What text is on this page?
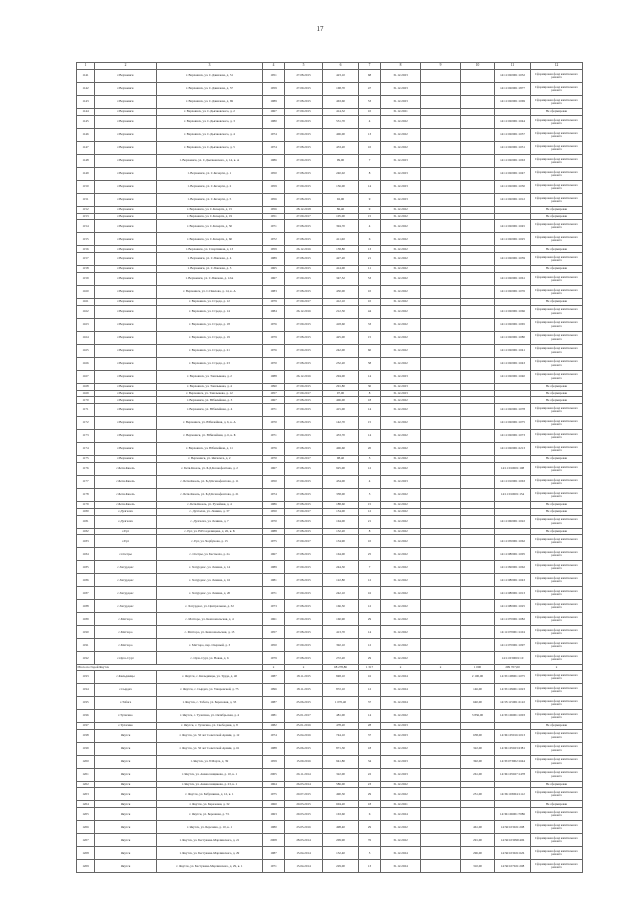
17
1	2	3	4	5	6	7	8	9	10	11	12
1141	г.Верхоянск	г. Верхоянск, ул. С.Данилова, д. 51	1951	27.08.2015	423,10	68	31.12.2023			14:11:020001:1032	Сформирован фонд капитального ремонта
1142	г.Верхоянск	г. Верхоянск, ул. С.Данилова, д. 57	1959	27.09.2015	168,70	47	31.12.2023			14:11:020001:1877	Сформирован фонд капитального ремонта
1143	г.Верхоянск	г. Верхоянск, ул. С.Данилова, д. 69	1989	27.08.2015	463,60	53	31.12.2023			14:11:020001:1069	Сформирован фонд капитального ремонта
1144	г.Верхоянск	г. Верхоянск, ул. С.Дьячковского, д. 2	1967	27.09.2015	414,32	10	31.12.2021				Не сформирован
1145	г.Верхоянск	г. Верхоянск, ул. С.Дьячковского, д. 3	1980	27.09.2015	531,70	4	31.12.2022			14:11:020001:1044	Сформирован фонд капитального ремонта
1146	г.Верхоянск	г. Верхоянск, ул. С.Дьячковского, д. 4	1974	27.09.2015	406,00	13	31.12.2022			14:11:020001:1057	Сформирован фонд капитального ремонта
1147	г.Верхоянск	г. Верхоянск, ул. С.Дьячковского, д. 5	1974	27.08.2015	433,20	10	31.12.2022			14:11:020001:1031	Сформирован фонд капитального ремонта
1148	г.Верхоянск	г. Верхоянск, ул. С.Дьячковского, д. 14, к. А	1986	27.09.2015	99,00	7	31.12.2023			14:11:020001:1063	Сформирован фонд капитального ремонта
1149	г.Верхоянск	г. Верхоянск, ул. С.Кочерги, д. 1	1950	27.08.2015	240,02	8	31.12.2023			14:11:020001:1047	Сформирован фонд капитального ремонта
1150	г.Верхоянск	г. Верхоянск, ул. С.Кочерги, д. 2	1959	27.09.2015	156,00	14	31.12.2023			14:11:020001:1050	Сформирован фонд капитального ремонта
1151	г.Верхоянск	г. Верхоянск, ул. С.Кочерги, д. 5	1956	27.08.2015	92,00	9	31.12.2023			14:11:020001:1012	Сформирован фонд капитального ремонта
1152	г.Верхоянск	г. Верхоянск, ул. С.Кочерги, д. 15	1956	28.12.2018	86,40	9	31.12.2022				Не сформирован
1153	г.Верхоянск	г. Верхоянск, ул. С.Кочерги, д. 19	1951	27.09.2017	105,00	15	31.12.2022				Не сформирован
1154	г.Верхоянск	г. Верхоянск, ул. С.Кочерги, д. 50	1971	27.08.2015	394,70	4	31.12.2022			14:11:020001:1045	Сформирован фонд капитального ремонта
1155	г.Верхоянск	г. Верхоянск, ул. С.Кочерги, д. 60	1972	27.08.2015	411,60	6	31.12.2022			14:11:020001:1025	Сформирован фонд капитального ремонта
1156	г.Верхоянск	г. Верхоянск, ул. Спортивная, д. 13	1959	26.12.2016	158,80	13	31.12.2022				Не сформирован
1157	г.Верхоянск	г. Верхоянск, ул. С.Павлова, д. 4	1989	27.08.2015	427,20	21	31.12.2022			14:11:020001:1059	Сформирован фонд капитального ремонта
1158	г.Верхоянск	г. Верхоянск, ул. С.Павлова, д. 5	1965	27.09.2015	414,00	11	31.12.2022				Не сформирован
1159	г.Верхоянск	г. Верхоянск, ул. С.Павлова, д. 12А	1967	27.09.2015	347,52	53	31.12.2022			14:11:020001:1061	Сформирован фонд капитального ремонта
1160	г.Верхоянск	г. Верхоянск, ул. С.Павлова, д. 14, к. А	1983	27.08.2015	430,00	10	31.12.2022			14:11:020001:1076	Сформирован фонд капитального ремонта
1161	г.Верхоянск	г. Верхоянск, ул. Строда, д. 12	1979	27.09.2017	412,10	10	31.12.2022				Не сформирован
1162	г.Верхоянск	г. Верхоянск, ул. Строда, д. 14	1984	26.12.2016	212,50	44	31.12.2022			14:11:020001:1066	Сформирован фонд капитального ремонта
1163	г.Верхоянск	г. Верхоянск, ул. Строда, д. 18	1976	27.09.2015	418,60	33	31.12.2022			14:11:020001:1065	Сформирован фонд капитального ремонта
1164	г.Верхоянск	г. Верхоянск, ул. Строда, д. 19	1979	27.08.2015	425,00	15	31.12.2022			14:11:020001:1080	Сформирован фонд капитального ремонта
1165	г.Верхоянск	г. Верхоянск, ул. Строда, д. 21	1976	27.09.2015	242,00	60	31.12.2022			14:11:020001:1041	Сформирован фонд капитального ремонта
1166	г.Верхоянск	г. Верхоянск, ул. Строда, д. 23	1970	27.08.2015	232,20	58	31.12.2022			14:11:020001:1043	Сформирован фонд капитального ремонта
1167	г.Верхоянск	г. Верхоянск, ул. Ташлыкова, д. 2	1988	26.12.2016	294,00	14	31.12.2023			14:11:020001:1040	Сформирован фонд капитального ремонта
1168	г.Верхоянск	г. Верхоянск, ул. Ташлыкова, д. 4	1990	27.09.2015	291,80	30	31.12.2023				Не сформирован
1169	г.Верхоянск	г. Верхоянск, ул. Ташлыкова, д. 12	1957	27.09.2017	97,00	8	31.12.2023				Не сформирован
1170	г.Верхоянск	г. Верхоянск, ул. Юбилейная, д. 3	1967	27.08.2015	406,00	18	31.12.2022				Не сформирован
1171	г.Верхоянск	г. Верхоянск, ул. Юбилейная, д. 4	1971	27.09.2015	415,00	14	31.12.2022			14:11:020001:1078	Сформирован фонд капитального ремонта
1172	г.Верхоянск	г. Верхоянск, ул. Юбилейная, д. 6, к. А	1970	27.08.2015	142,70	15	31.12.2022			14:11:020001:1075	Сформирован фонд капитального ремонта
1173	г.Верхоянск	г. Верхоянск, ул. Юбилейная, д. 6, к. Б	1971	27.09.2015	433,70	14	31.12.2022			14:11:020001:1073	Сформирован фонд капитального ремонта
1174	г.Верхоянск	г. Верхоянск, ул. Юбилейная, д. 11	1976	27.08.2015	406,60	20	31.12.2022			14:11:020001:2213	Сформирован фонд капитального ремонта
1175	г.Верхоянск	г. Верхоянск, ул. Янгильта, д. 2	1970	27.09.2017	98,40	5	31.12.2022				Не сформирован
1176	с.Бетя-Кюель	с. Бетя-Кюель, ул. Б.Д.Ксенофонтова, д. 2	1967	27.08.2015	925,00	12	31.12.2022			14:11:010001:108	Сформирован фонд капитального ремонта
1177	с.Бетя-Кюель	с. Бетя-Кюель, ул. Б.Д.Ксенофонтова, д. 11	1950	27.09.2015	434,00	4	31.12.2023			14:11:010001:1063	Сформирован фонд капитального ремонта
1178	с.Бетя-Кюель	с. Бетя-Кюель, ул. Б.Д.Ксенофонтова, д. 21	1974	27.08.2015	358,00	5	31.12.2022			14:11:010001:154	Сформирован фонд капитального ремонта
1179	с.Бетя-Кюель	с. Бетя-Кюель, ул. Ручейная, д. 4	1986	27.08.2015	188,60	15	31.12.2022				Не сформирован
1180	с.Дулгалах	с. Дулгалах, ул. Ленина, д. 37	1950	27.09.2017	154,00	12	31.12.2022				Не сформирован
1181	с.Дулгалах	с. Дулгалах, ул. Ленина, д. 7	1970	27.08.2015	164,00	21	31.12.2022			14:11:060001:1022	Сформирован фонд капитального ремонта
1182	с.Ерт	с. Ерт, ул. Н.Р.Седалищева, д. 26, к. Б	1988	27.08.2015	132,20	8	31.12.2022				Не сформирован
1183	с.Ерт	с. Ерт, ул. Чорбунова, д. 15	1975	27.09.2017	134,90	10	31.12.2022			14:11:050001:1062	Сформирован фонд капитального ремонта
1184	с.Осетры	с. Осетры, ул. Бестыаха, д. 2а	1967	27.08.2015	164,00	25	31.12.2022			14:11:080001:1005	Сформирован фонд капитального ремонта
1185	с.Хатурдаас	с. Хатурдаас, ул. Ленина, д. 14	1989	27.09.2015	244,30	7	31.12.2022			14:11:090001:1062	Сформирован фонд капитального ремонта
1186	с.Хатурдаас	с. Хатурдаас, ул. Ленина, д. 16	1981	27.08.2015	122,80	12	31.12.2022			14:11:080001:1043	Сформирован фонд капитального ремонта
1187	с.Хатурдаас	с. Хатурдаас, ул. Ленина, д. 20	1971	27.09.2015	242,10	16	31.12.2022			14:11:080001:1013	Сформирован фонд капитального ремонта
1188	с.Хатурдаас	с. Хатурдаас, ул. Центральная, д. 32	1973	27.08.2015	166,50	12	31.12.2022			14:11:080001:1025	Сформирован фонд капитального ремонта
1189	с.Матторо	с. Матторо, ул. Комсомольская, д. 4	1961	27.09.2015	160,90	29	31.12.2022			14:11:070001:1082	Сформирован фонд капитального ремонта
1190	с.Матторо	с. Матторо, ул. Комсомольская, д. 15	1957	27.08.2015	413,70	14	31.12.2022			14:11:070001:1104	Сформирован фонд капитального ремонта
1191	с.Матторо	с. Матторо, пер. Озерный, д. 3	1950	27.09.2015	392,10	12	31.12.2022			14:11:070001:1097	Сформирован фонд капитального ремонта
1192	с.Орто-Сурт	с. Орто-Сурт, ул. Новая, д. 6	1979	27.08.2015	272,20	29	31.12.2022			14:11:030001:10	Сформирован фонд капитального ремонта
Итого по Горой Якутск			x	x	68 278,86	1 317	x	x	1 000	299 707,00	x
1193	с.Кильдямцы	с. Якутск, с. Кильдямцы, ул. Труда, д. 40	1987	18.11.2015	848,10	16	31.12.2024		2 100,00	14:35:108001:1075	Сформирован фонд капитального ремонта
1194	с.Сырдах	г. Якутск, с. Сырдах, ул. Ушаровской, д. 75	1996	18.11.2015	872,10	12	31.12.2024		146,00	14:35:109001:1023	Сформирован фонд капитального ремонта
1195	с.Табага	г. Якутск, с. Табага, ул. Березовая, д. 33	1987	25.06.2015	1 070,40	37	31.12.2024		640,00	14:35:115001:2122	Сформирован фонд капитального ремонта
1196	г.Тулагино	г. Якутск, с. Тулагино, ул. Октябрьская, д. 4	1981	25.01.2017	481,00	14	31.12.2022		3 836,00	14:35:106001:1003	Сформирован фонд капитального ремонта
1197	с.Тулагино	г. Якутск, с. Тулагино, ул. Свободная, д. 8	1982	25.01.2016	478,20	28	31.12.2023				Не сформирован
1198	Якутск	г. Якутск, ул. 50 лет Советской Армии, д. 12	1974	15.04.2016	744,10	37	31.12.2023		638,00	14:36:105016:1013	Сформирован фонд капитального ремонта
1199	Якутск	г. Якутск, ул. 50 лет Советской Армии, д. 61	1988	25.06.2015	871,30	18	31.12.2022		322,00	14:36:105023:2381	Сформирован фонд капитального ремонта
1200	Якутск	г. Якутск, ул. 8 Марта, д. 39	1959	15.09.2016	941,80	34	31.12.2023		392,00	14:35:073002:1644	Сформирован фонд капитального ремонта
1201	Якутск	г. Якутск, ул. Аммосовщикова, д. 10, к. 1	2005	26.11.2014	322,00	22	31.12.2023		261,00	14:36:105027:1478	Сформирован фонд капитального ремонта
1202	Якутск	г. Якутск, ул. Аммосовщикова, д. 23, к. 1	1964	26.03.2014	586,00	23	31.12.2022				Не сформирован
1203	Якутск	г. Якутск, ул. Бабушкина, д. 12, к. 1	1975	20.07.2015	490,30	29	31.12.2022		251,00	14:36:103004:1112	Сформирован фонд капитального ремонта
1204	Якутск	г. Якутск, ул. Березовая, д. 32	1960	20.03.2015	604,20	18	31.12.2021				Не сформирован
1205	Якутск	г. Якутск, ул. Бережная, д. 7/1	1963	29.03.2015	163,60	6	31.12.2024			14:36:106001:7086	Сформирован фонд капитального ремонта
1206	Якутск	г. Якутск, ул. Березина, д. 10, к. 1	1980	23.05.2016	498,40	29	31.12.2022		461,00	14:36:103021:208	Сформирован фонд капитального ремонта
1207	Якутск	г. Якутск, ул. Бестужева-Марлинского, д. 21	2008	28.03.2014	209,90	76	31.12.2022		291,00	14:36:103099:406	Сформирован фонд капитального ремонта
1208	Якутск	г. Якутск, ул. Бестужева-Марлинского, д. 29	1987	15.04.2014	132,40	5	31.12.2024		296,00	14:36:103021:626	Сформирован фонд капитального ремонта
1209	Якутск	г. Якутск, ул. Бестужева-Марлинского, д. 29, к. 1	1971	15.04.2014	229,00	13	31.12.2024		310,00	14:36:107021:208	Сформирован фонд капитального ремонта
